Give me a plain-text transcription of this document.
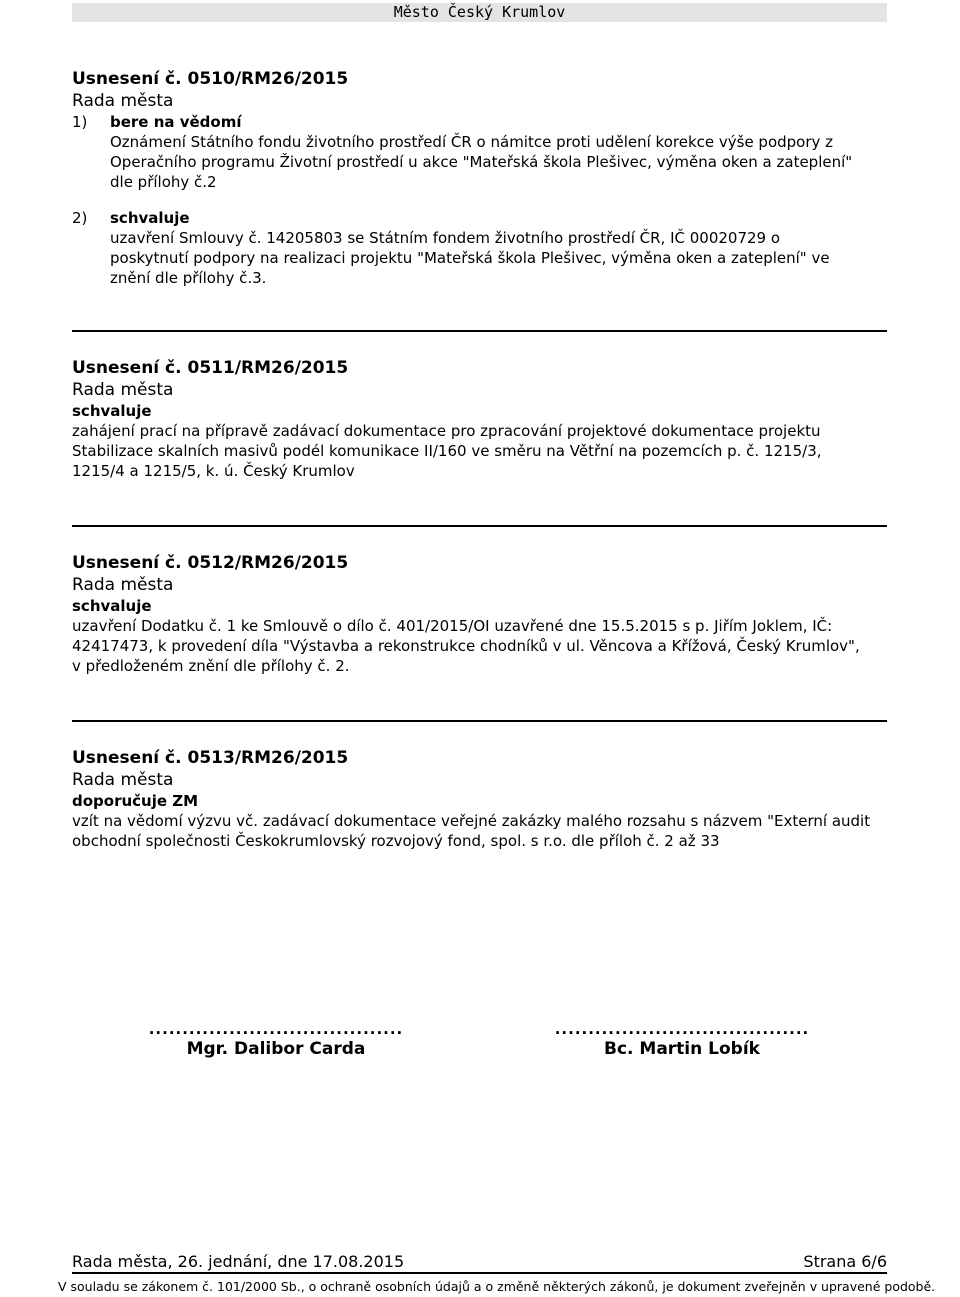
Město Český Krumlov
Usnesení č. 0510/RM26/2015
Rada města
1) bere na vědomí
Oznámení Státního fondu životního prostředí ČR o námitce proti udělení korekce výše podpory z
Operačního programu Životní prostředí u akce "Mateřská škola Plešivec, výměna oken a zateplení"
dle přílohy č.2
2) schvaluje
uzavření Smlouvy č. 14205803 se Státním fondem životního prostředí ČR, IČ 00020729 o
poskytnutí podpory na realizaci projektu "Mateřská škola Plešivec, výměna oken a zateplení" ve
znění dle přílohy č.3.
Usnesení č. 0511/RM26/2015
Rada města
schvaluje
zahájení prací na přípravě zadávací dokumentace pro zpracování projektové dokumentace projektu
Stabilizace skalních masivů podél komunikace II/160 ve směru na Větřní na pozemcích p. č. 1215/3,
1215/4 a 1215/5, k. ú. Český Krumlov
Usnesení č. 0512/RM26/2015
Rada města
schvaluje
uzavření Dodatku č. 1 ke Smlouvě o dílo č. 401/2015/OI uzavřené dne 15.5.2015 s p. Jiřím Joklem, IČ:
42417473, k provedení díla "Výstavba a rekonstrukce chodníků v ul. Věncova a Křížová, Český Krumlov",
v předloženém znění dle přílohy č. 2.
Usnesení č. 0513/RM26/2015
Rada města
doporučuje ZM
vzít na vědomí výzvu vč. zadávací dokumentace veřejné zakázky malého rozsahu s názvem "Externí audit
obchodní společnosti Českokrumlovský rozvojový fond, spol. s r.o. dle příloh č. 2 až 33
......................................
Mgr. Dalibor Carda
......................................
Bc. Martin Lobík
Rada města, 26. jednání, dne 17.08.2015	Strana 6/6
V souladu se zákonem č. 101/2000 Sb., o ochraně osobních údajů a o změně některých zákonů, je dokument zveřejněn v upravené podobě.
